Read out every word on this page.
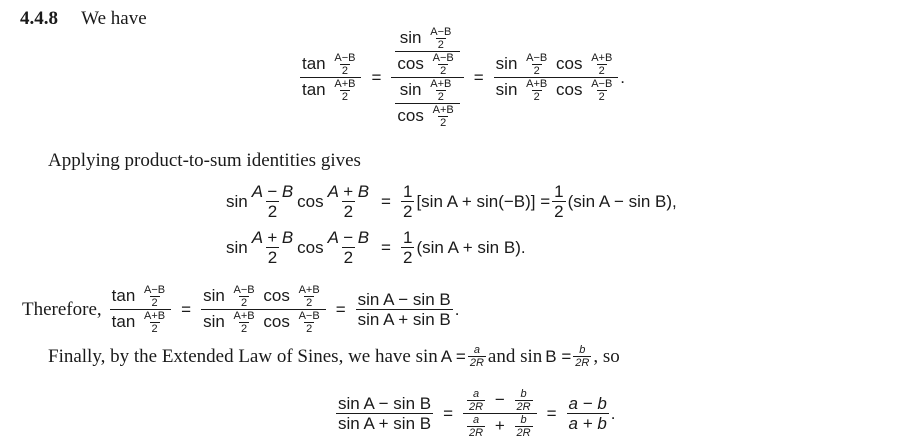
4.4.8 We have
$\frac{\tan \frac{A-B}{2}}{\tan \frac{A+B}{2}}$ =
$\frac{\sin \frac{A-B}{2}}{\cos \frac{A-B}{2}}$
$\frac{\sin \frac{A+B}{2}}{\cos \frac{A+B}{2}}$
= $\frac{\sin \frac{A-B}{2} \cos \frac{A+B}{2}}{\sin \frac{A+B}{2} \cos \frac{A-B}{2}}$ .
Applying product-to-sum identities gives
$\sin \frac{A - B}{2}$ $\cos \frac{A + B}{2} = \frac{1}{2} [\sin$ $A + \sin(-B)] = \frac{1}{2} (\sin$ A − sin B),
$\sin \frac{A + B}{2}$ $\cos \frac{A - B}{2} = \frac{1}{2} (\sin$ A + sin B).
Therefore, $\frac{\tan \frac{A-B}{2}}{\tan \frac{A+B}{2}} = \frac{\sin \frac{A-B}{2} \cos \frac{A+B}{2}}{\sin \frac{A+B}{2} \cos \frac{A-B}{2}} = \frac{\text{sin A − sin B}}{\text{sin A + sin B}}$ .
Finally, by the Extended Law of Sines, we have $\sin A = \frac{a}{2R}$ and $\sin B = \frac{b}{2R}$ , so
$\frac{\text{sin A − sin B}}{\text{sin A + sin B}} = \frac{\frac{a}{2R} - \frac{b}{2R}}{\frac{a}{2R} + \frac{b}{2R}} = \frac{a - b}{a + b}$ .
